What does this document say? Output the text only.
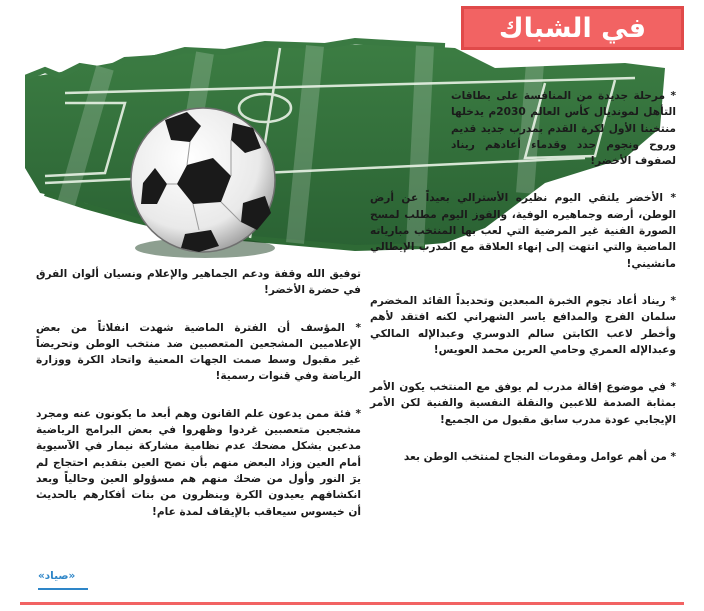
في الشباك

* مرحلة جديدة من المنافسة على بطاقات التأهل لمونديال كأس العالم 2030م يدخلها منتخبنا الأول لكرة القدم بمدرب جديد قديم وروح ونجوم جدد وقدماء أعادهم ريناد لصفوف الأخضر!

* الأخضر يلتقي اليوم نظيره الأسترالي بعيداً عن أرض الوطن، أرضه وجماهيره الوفية، والفوز اليوم مطلب لمسح الصورة الفنية غير المرضية التي لعب بها المنتخب مبارياته الماضية والتي انتهت إلى إنهاء العلاقة مع المدرب الإيطالي مانشيني!

* ريناد أعاد نجوم الخبرة المبعدين وتحديداً القائد المخضرم سلمان الفرج والمدافع ياسر الشهراني لكنه افتقد لأهم وأخطر لاعب الكابتن سالم الدوسري وعبدالإله المالكي وعبدالإله العمري وحامي العرين محمد العويس!

* في موضوع إقالة مدرب لم يوفق مع المنتخب يكون الأمر بمثابة الصدمة للاعبين والنقلة النفسية والفنية لكن الأمر الإيجابي عودة مدرب سابق مقبول من الجميع!

* من أهم عوامل ومقومات النجاح لمنتخب الوطن بعد

توفيق الله وقفة ودعم الجماهير والإعلام ونسيان ألوان الفرق في حضرة الأخضر!

* المؤسف أن الفترة الماضية شهدت انفلاتاً من بعض الإعلاميين المشجعين المتعصبين ضد منتخب الوطن وتحريضاً غير مقبول وسط صمت الجهات المعنية واتحاد الكرة ووزارة الرياضة وفي قنوات رسمية!

* فئة ممن يدعون علم القانون وهم أبعد ما يكونون عنه ومجرد مشجعين متعصبين غردوا وظهروا في بعض البرامج الرياضية مدعين بشكل مضحك عدم نظامية مشاركة نيمار في الآسيوية أمام العين وزاد البعض منهم بأن نصح العين بتقديم احتجاج لم يرَ النور وأول من ضحك منهم هم مسؤولو العين وحالياً وبعد انكشافهم يعيدون الكرة وينظرون من بنات أفكارهم بالحديث أن خيسوس سيعاقب بالإيقاف لمدة عام!

«صياد»
